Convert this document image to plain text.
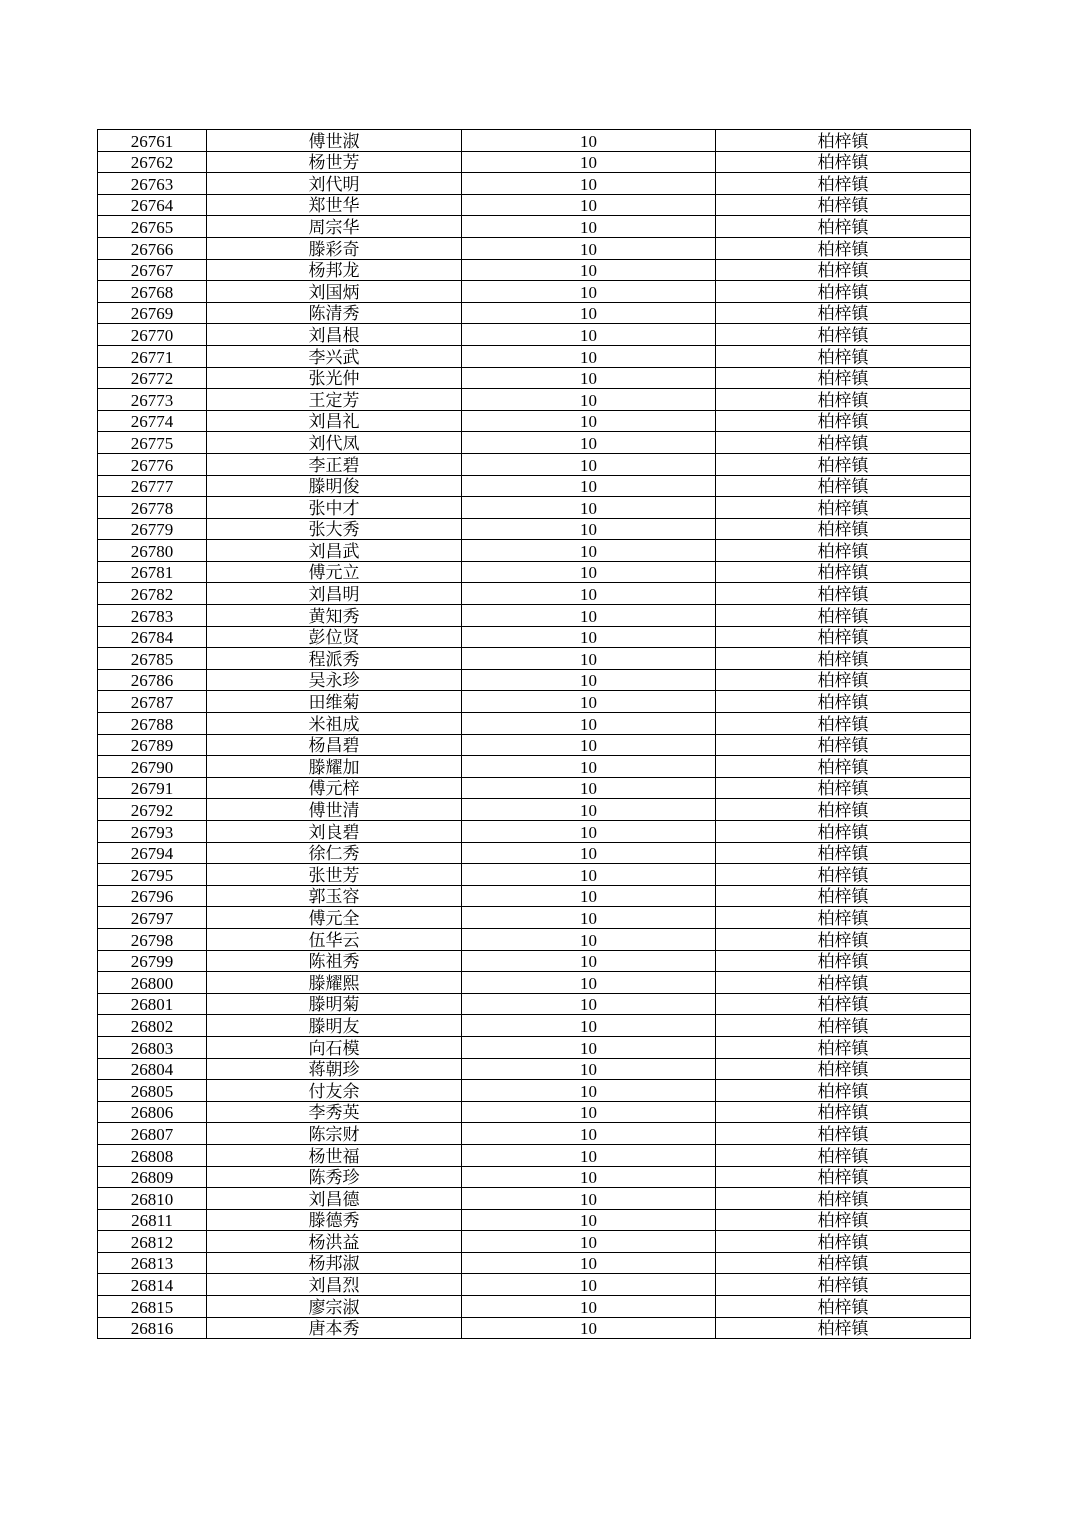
26761	傅世淑	10	柏梓镇
26762	杨世芳	10	柏梓镇
26763	刘代明	10	柏梓镇
26764	郑世华	10	柏梓镇
26765	周宗华	10	柏梓镇
26766	滕彩奇	10	柏梓镇
26767	杨邦龙	10	柏梓镇
26768	刘国炳	10	柏梓镇
26769	陈清秀	10	柏梓镇
26770	刘昌根	10	柏梓镇
26771	李兴武	10	柏梓镇
26772	张光仲	10	柏梓镇
26773	王定芳	10	柏梓镇
26774	刘昌礼	10	柏梓镇
26775	刘代凤	10	柏梓镇
26776	李正碧	10	柏梓镇
26777	滕明俊	10	柏梓镇
26778	张中才	10	柏梓镇
26779	张大秀	10	柏梓镇
26780	刘昌武	10	柏梓镇
26781	傅元立	10	柏梓镇
26782	刘昌明	10	柏梓镇
26783	黄知秀	10	柏梓镇
26784	彭位贤	10	柏梓镇
26785	程派秀	10	柏梓镇
26786	吴永珍	10	柏梓镇
26787	田维菊	10	柏梓镇
26788	米祖成	10	柏梓镇
26789	杨昌碧	10	柏梓镇
26790	滕耀加	10	柏梓镇
26791	傅元梓	10	柏梓镇
26792	傅世清	10	柏梓镇
26793	刘良碧	10	柏梓镇
26794	徐仁秀	10	柏梓镇
26795	张世芳	10	柏梓镇
26796	郭玉容	10	柏梓镇
26797	傅元全	10	柏梓镇
26798	伍华云	10	柏梓镇
26799	陈祖秀	10	柏梓镇
26800	滕耀熙	10	柏梓镇
26801	滕明菊	10	柏梓镇
26802	滕明友	10	柏梓镇
26803	向石模	10	柏梓镇
26804	蒋朝珍	10	柏梓镇
26805	付友余	10	柏梓镇
26806	李秀英	10	柏梓镇
26807	陈宗财	10	柏梓镇
26808	杨世福	10	柏梓镇
26809	陈秀珍	10	柏梓镇
26810	刘昌德	10	柏梓镇
26811	滕德秀	10	柏梓镇
26812	杨洪益	10	柏梓镇
26813	杨邦淑	10	柏梓镇
26814	刘昌烈	10	柏梓镇
26815	廖宗淑	10	柏梓镇
26816	唐本秀	10	柏梓镇
